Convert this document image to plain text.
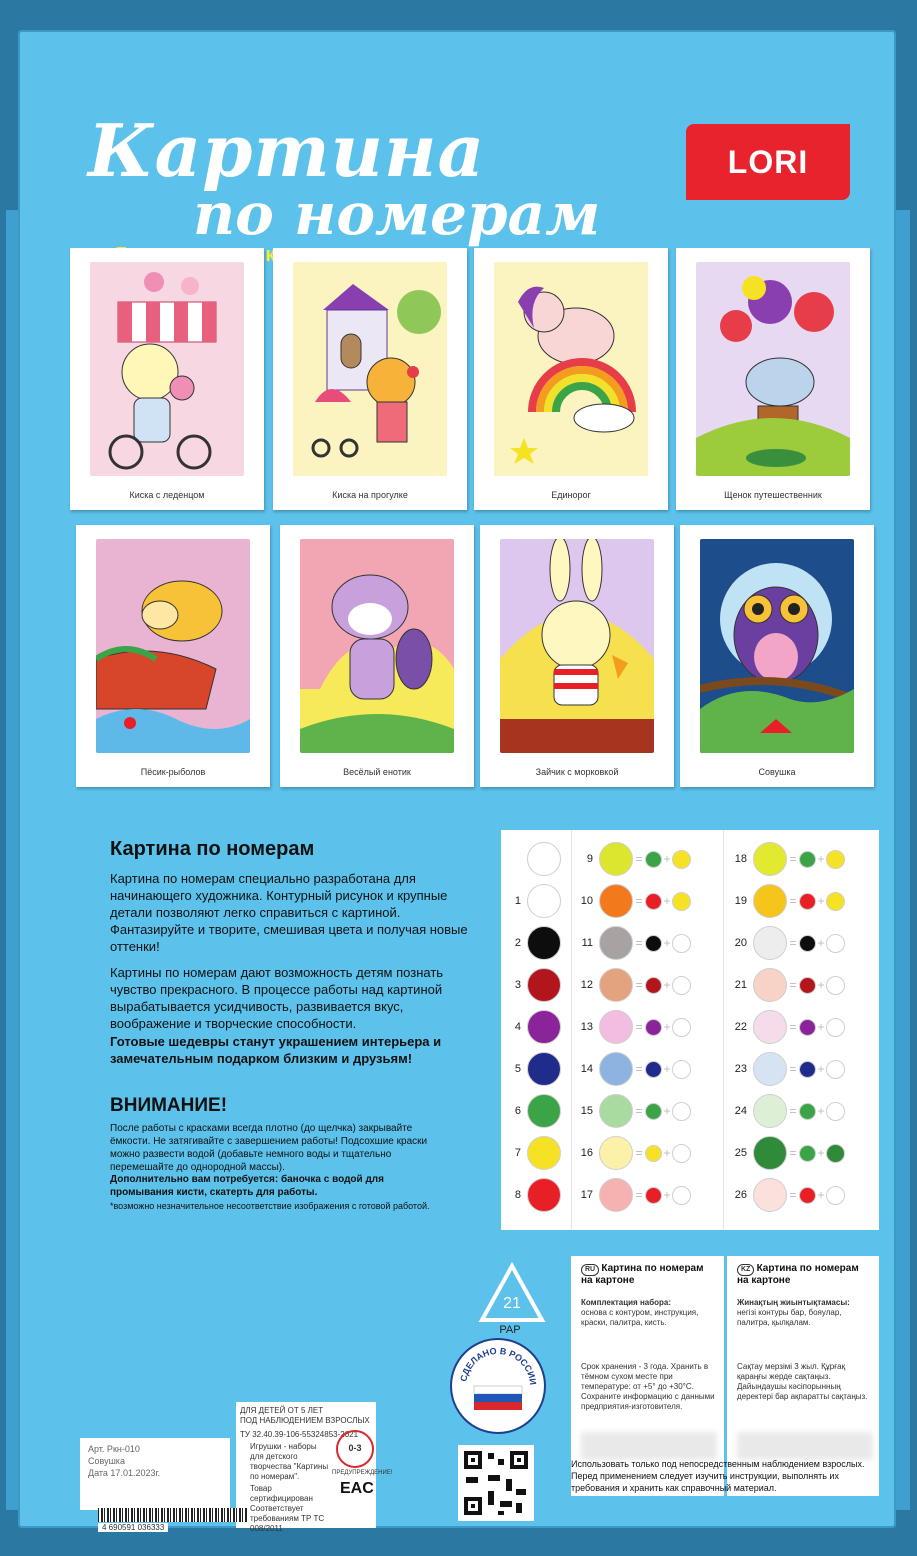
Картина
по номерам
LORI
Киска с леденцом	Киска на прогулке	Единорог	Щенок путешественник
Пёсик-рыболов	Весёлый енотик	Зайчик с морковкой	Совушка
Картина по номерам
Картина по номерам специально разработана для начинающего художника. Контурный рисунок и крупные детали позволяют легко справиться с картиной. Фантазируйте и творите, смешивая цвета и получая новые оттенки!
Картины по номерам дают возможность детям познать чувство прекрасного. В процессе работы над картиной вырабатывается усидчивость, развивается вкус, воображение и творческие способности.
Готовые шедевры станут украшением интерьера и замечательным подарком близким и друзьям!
ВНИМАНИЕ!
После работы с красками всегда плотно (до щелчка) закрывайте ёмкости. Не затягивайте с завершением работы! Подсохшие краски можно развести водой (добавьте немного воды и тщательно перемешайте до однородной массы).
Дополнительно вам потребуется: баночка с водой для промывания кисти, скатерть для работы.
*возможно незначительное несоответствие изображения с готовой работой.
1
2
3
4
5
6
7
8
9	= +
10	= +
11	= +
12	= +
13	= +
14	= +
15	= +
16	= +
17	= +
18	= +
19	= +
20	= +
21	= +
22	= +
23	= +
24	= +
25	= +
26	= +
21
PAP
СДЕЛАНО В РОССИИ
RU Картина по номерам на картоне
Комплектация набора:
основа с контуром, инструкция, краски, палитра, кисть.
Срок хранения - 3 года. Хранить в тёмном сухом месте при температуре: от +5° до +30°С. Сохраните информацию с данными предприятия-изготовителя.
KZ Картина по номерам на картоне
Жинақтың жиынтықтамасы:
негізі контуры бар, бояулар, палитра, қылқалам.
Сақтау мерзімі 3 жыл. Құрғақ қараңғы жерде сақтаңыз. Дайындаушы кәсіпорынның деректері бар ақпаратты сақтаңыз.
Использовать только под непосредственным наблюдением взрослых. Перед применением следует изучить инструкции, выполнять их требования и хранить как справочный материал.
ДЛЯ ДЕТЕЙ ОТ 5 ЛЕТ
ПОД НАБЛЮДЕНИЕМ ВЗРОСЛЫХ
ТУ 32.40.39-106-55324853-2021
Игрушки - наборы для детского творчества "Картины по номерам".
Товар сертифицирован Соответствует требованиям ТР ТС 008/2011
0-3
ПРЕДУПРЕЖДЕНИЕ!
EAC
Арт. Ркн-010
Совушка
Дата 17.01.2023г.
4 690591 036333
